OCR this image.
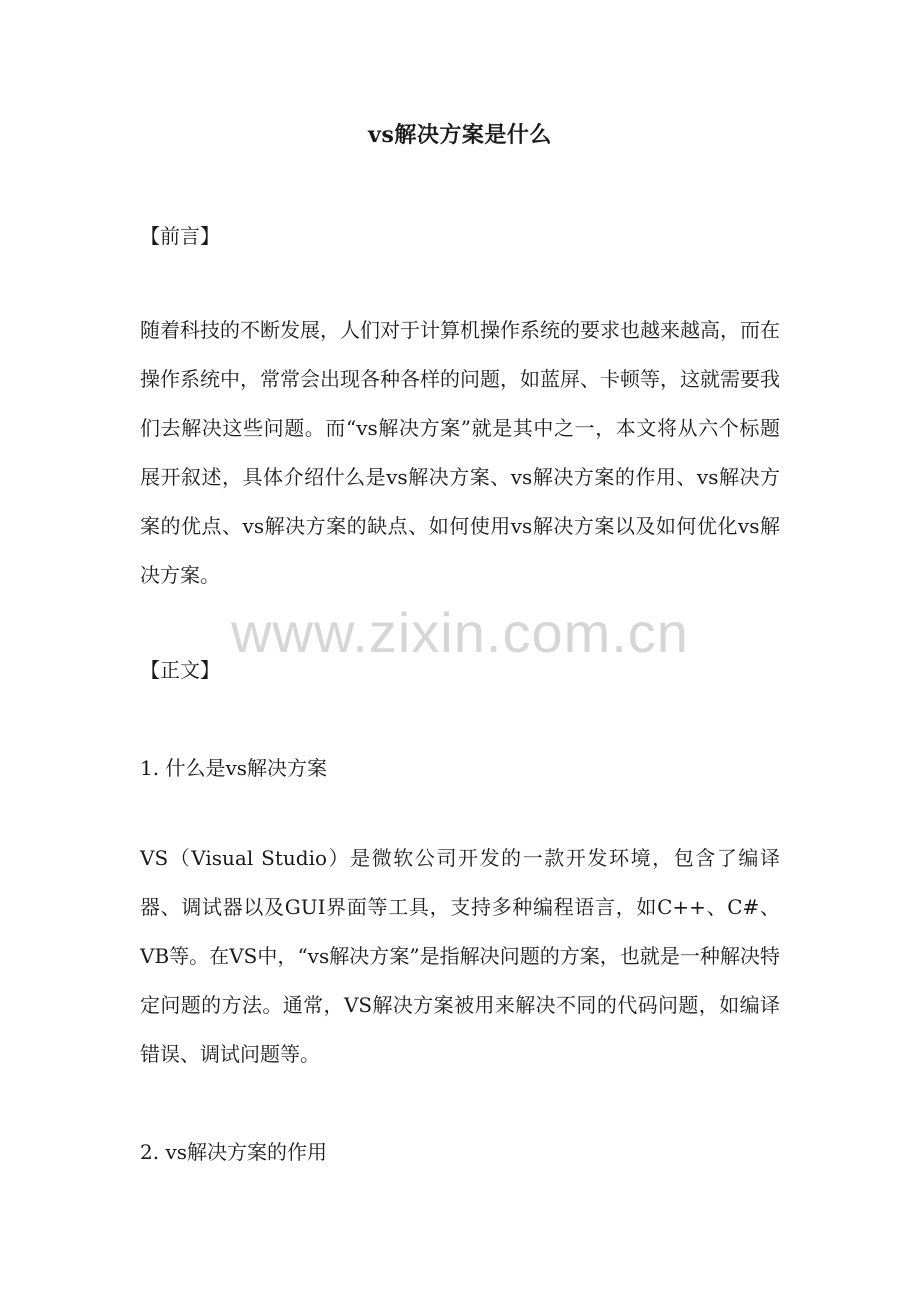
vs解决方案是什么
【前言】
随着科技的不断发展，人们对于计算机操作系统的要求也越来越高，而在操作系统中，常常会出现各种各样的问题，如蓝屏、卡顿等，这就需要我们去解决这些问题。而“vs解决方案”就是其中之一，本文将从六个标题展开叙述，具体介绍什么是vs解决方案、vs解决方案的作用、vs解决方案的优点、vs解决方案的缺点、如何使用vs解决方案以及如何优化vs解决方案。
【正文】
1. 什么是vs解决方案
VS（Visual Studio）是微软公司开发的一款开发环境，包含了编译器、调试器以及GUI界面等工具，支持多种编程语言，如C++、C#、VB等。在VS中，“vs解决方案”是指解决问题的方案，也就是一种解决特定问题的方法。通常，VS解决方案被用来解决不同的代码问题，如编译错误、调试问题等。
2. vs解决方案的作用
www.zixin.com.cn
